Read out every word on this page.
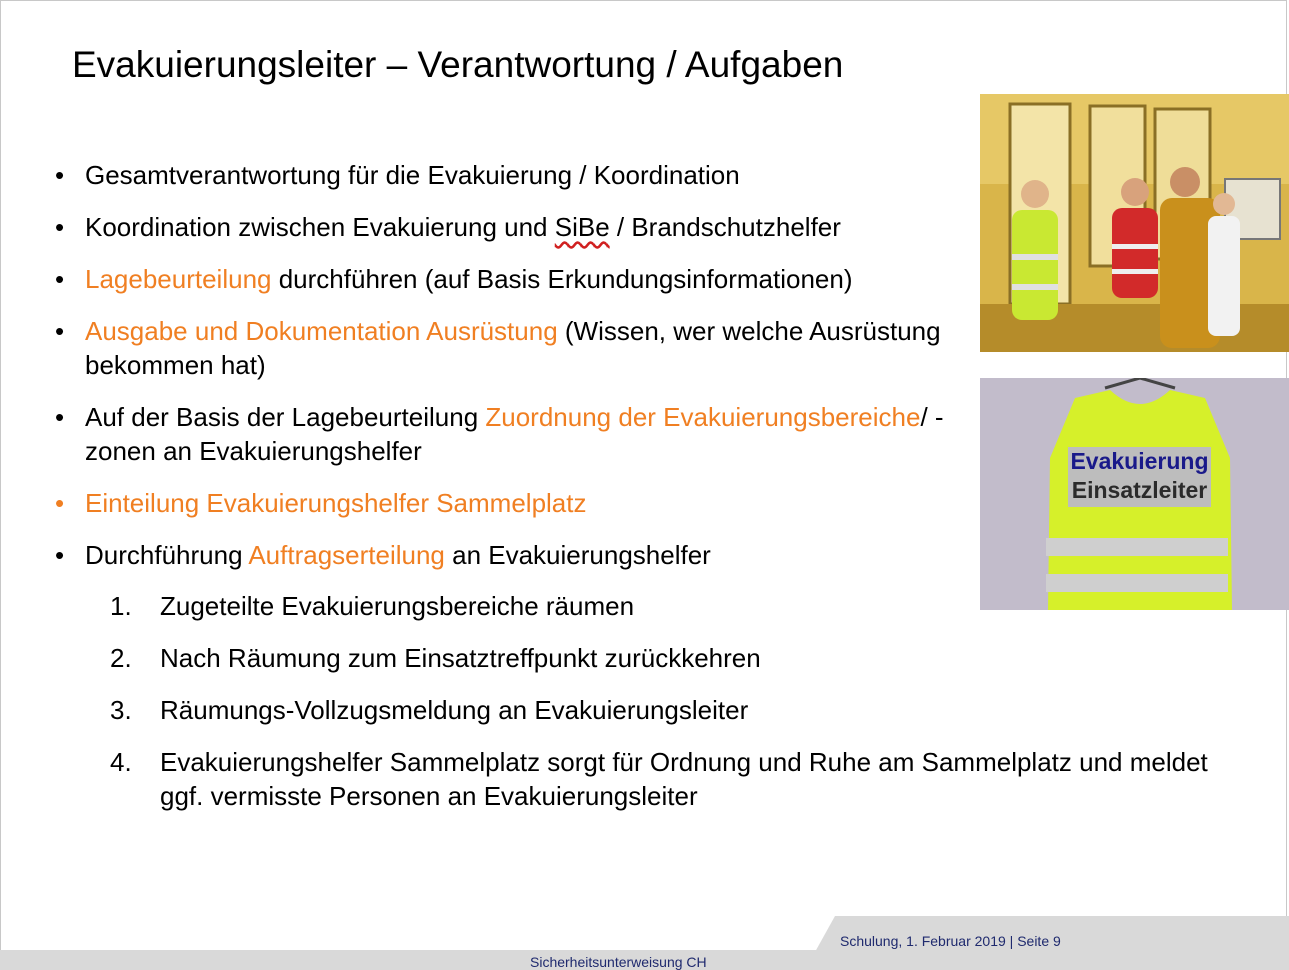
Evakuierungsleiter – Verantwortung / Aufgaben
• Gesamtverantwortung für die Evakuierung / Koordination
• Koordination zwischen Evakuierung und SiBe / Brandschutzhelfer
• Lagebeurteilung durchführen (auf Basis Erkundungsinformationen)
• Ausgabe und Dokumentation Ausrüstung (Wissen, wer welche Ausrüstung bekommen hat)
• Auf der Basis der Lagebeurteilung Zuordnung der Evakuierungsbereiche/ -zonen an Evakuierungshelfer
• Einteilung Evakuierungshelfer Sammelplatz
• Durchführung Auftragserteilung an Evakuierungshelfer
1. Zugeteilte Evakuierungsbereiche räumen
2. Nach Räumung zum Einsatztreffpunkt zurückkehren
3. Räumungs-Vollzugsmeldung an Evakuierungsleiter
4. Evakuierungshelfer Sammelplatz sorgt für Ordnung und Ruhe am Sammelplatz und meldet ggf. vermisste Personen an Evakuierungsleiter
Evakuierung
Einsatzleiter
Schulung, 1. Februar 2019 | Seite 9
Sicherheitsunterweisung CH
